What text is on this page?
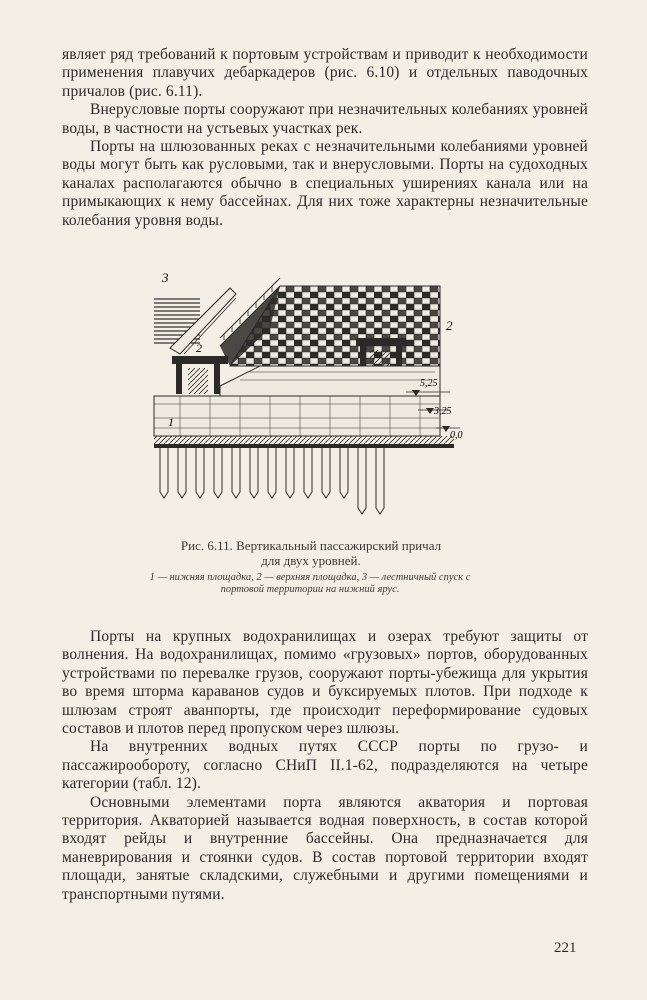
являет ряд требований к портовым устройствам и приводит к необходимости применения плавучих дебаркадеров (рис. 6.10) и отдельных паводочных причалов (рис. 6.11).

Внерусловые порты сооружают при незначительных колебаниях уровней воды, в частности на устьевых участках рек.

Порты на шлюзованных реках с незначительными колебаниями уровней воды могут быть как русловыми, так и внерусловыми. Порты на судоходных каналах располагаются обычно в специальных уширениях канала или на примыкающих к нему бассейнах. Для них тоже характерны незначительные колебания уровня воды.

3
2
2
1
5,25
3,25
0,0
Рис. 6.11. Вертикальный пассажирский причал
для двух уровней.
1 — нижняя площадка, 2 — верхняя площадка, 3 — лестничный спуск с портовой территории на нижний ярус.

Порты на крупных водохранилищах и озерах требуют защиты от волнения. На водохранилищах, помимо «грузовых» портов, оборудованных устройствами по перевалке грузов, сооружают порты-убежища для укрытия во время шторма караванов судов и буксируемых плотов. При подходе к шлюзам строят аванпорты, где происходит переформирование судовых составов и плотов перед пропуском через шлюзы.

На внутренних водных путях СССР порты по грузо- и пассажирообороту, согласно СНиП II.1-62, подразделяются на четыре категории (табл. 12).

Основными элементами порта являются акватория и портовая территория. Акваторией называется водная поверхность, в состав которой входят рейды и внутренние бассейны. Она предназначается для маневрирования и стоянки судов. В состав портовой территории входят площади, занятые складскими, служебными и другими помещениями и транспортными путями.

221
